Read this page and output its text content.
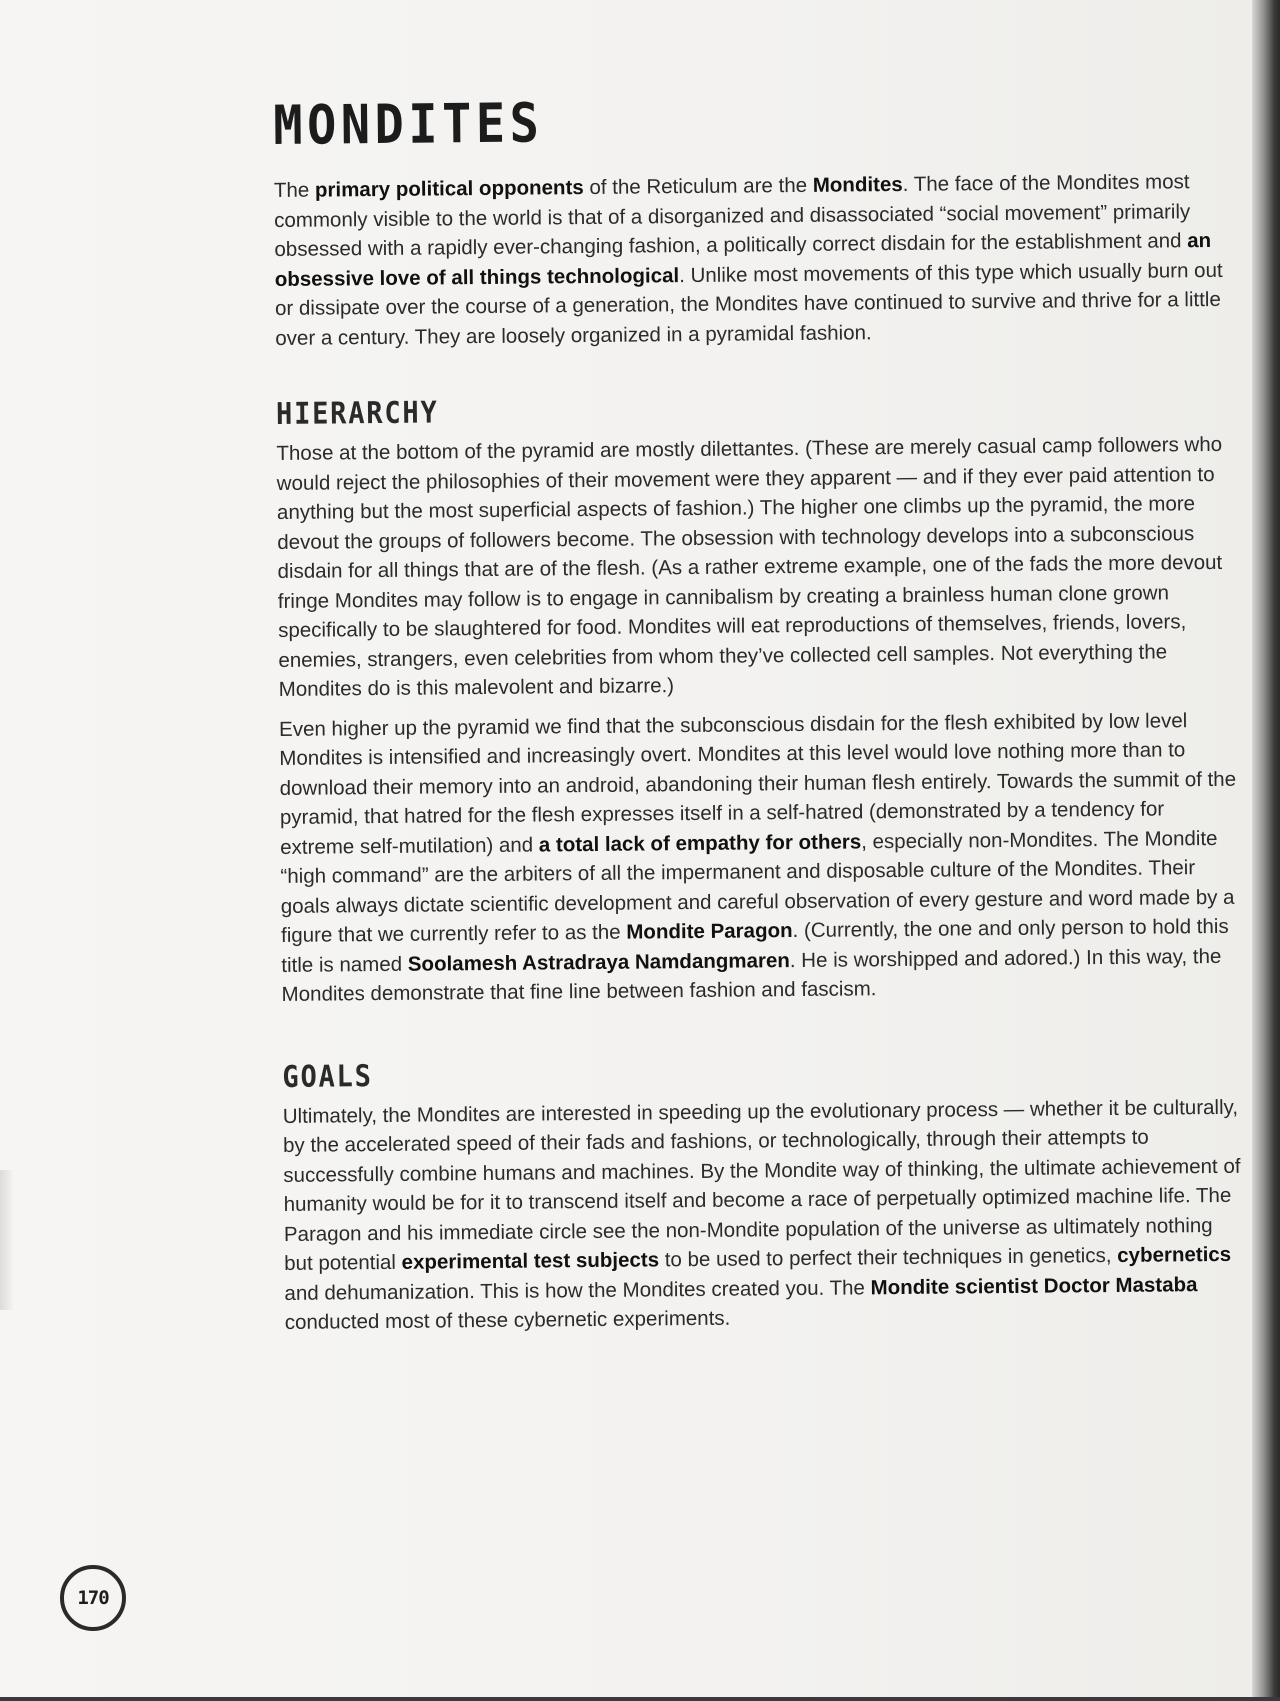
MONDITES

The primary political opponents of the Reticulum are the Mondites. The face of the Mondites most commonly visible to the world is that of a disorganized and disassociated “social movement” primarily obsessed with a rapidly ever-changing fashion, a politically correct disdain for the establishment and an obsessive love of all things technological. Unlike most movements of this type which usually burn out or dissipate over the course of a generation, the Mondites have continued to survive and thrive for a little over a century. They are loosely organized in a pyramidal fashion.

HIERARCHY

Those at the bottom of the pyramid are mostly dilettantes. (These are merely casual camp followers who would reject the philosophies of their movement were they apparent — and if they ever paid attention to anything but the most superficial aspects of fashion.) The higher one climbs up the pyramid, the more devout the groups of followers become. The obsession with technology develops into a subconscious disdain for all things that are of the flesh. (As a rather extreme example, one of the fads the more devout fringe Mondites may follow is to engage in cannibalism by creating a brainless human clone grown specifically to be slaughtered for food. Mondites will eat reproductions of themselves, friends, lovers, enemies, strangers, even celebrities from whom they’ve collected cell samples. Not everything the Mondites do is this malevolent and bizarre.)

Even higher up the pyramid we find that the subconscious disdain for the flesh exhibited by low level Mondites is intensified and increasingly overt. Mondites at this level would love nothing more than to download their memory into an android, abandoning their human flesh entirely. Towards the summit of the pyramid, that hatred for the flesh expresses itself in a self-hatred (demonstrated by a tendency for extreme self-mutilation) and a total lack of empathy for others, especially non-Mondites. The Mondite “high command” are the arbiters of all the impermanent and disposable culture of the Mondites. Their goals always dictate scientific development and careful observation of every gesture and word made by a figure that we currently refer to as the Mondite Paragon. (Currently, the one and only person to hold this title is named Soolamesh Astradraya Namdangmaren. He is worshipped and adored.) In this way, the Mondites demonstrate that fine line between fashion and fascism.

GOALS

Ultimately, the Mondites are interested in speeding up the evolutionary process — whether it be culturally, by the accelerated speed of their fads and fashions, or technologically, through their attempts to successfully combine humans and machines. By the Mondite way of thinking, the ultimate achievement of humanity would be for it to transcend itself and become a race of perpetually optimized machine life. The Paragon and his immediate circle see the non-Mondite population of the universe as ultimately nothing but potential experimental test subjects to be used to perfect their techniques in genetics, cybernetics and dehumanization. This is how the Mondites created you. The Mondite scientist Doctor Mastaba conducted most of these cybernetic experiments.

170
